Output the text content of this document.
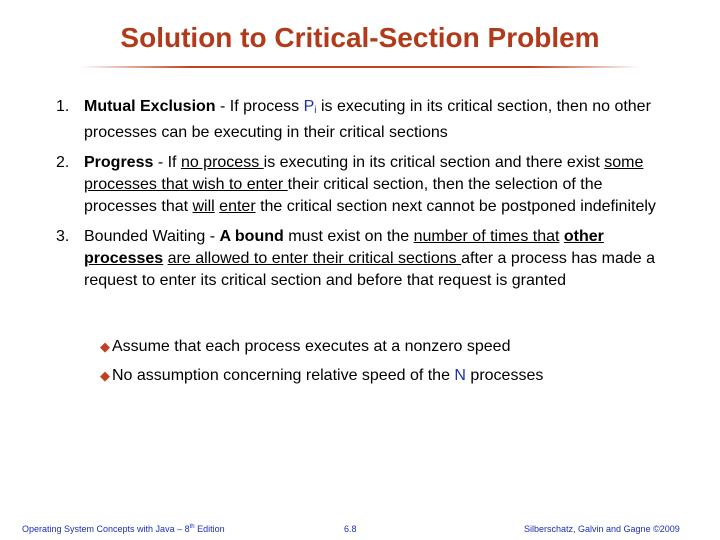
Solution to Critical-Section Problem
1. Mutual Exclusion - If process $P_i$ is executing in its critical section, then no other processes can be executing in their critical sections
2. Progress - If no process is executing in its critical section and there exist some processes that wish to enter their critical section, then the selection of the processes that will enter the critical section next cannot be postponed indefinitely
3. Bounded Waiting - A bound must exist on the number of times that other processes are allowed to enter their critical sections after a process has made a request to enter its critical section and before that request is granted
◆ Assume that each process executes at a nonzero speed
◆ No assumption concerning relative speed of the N processes
Operating System Concepts with Java – 8th Edition	6.8	Silberschatz, Galvin and Gagne ©2009
